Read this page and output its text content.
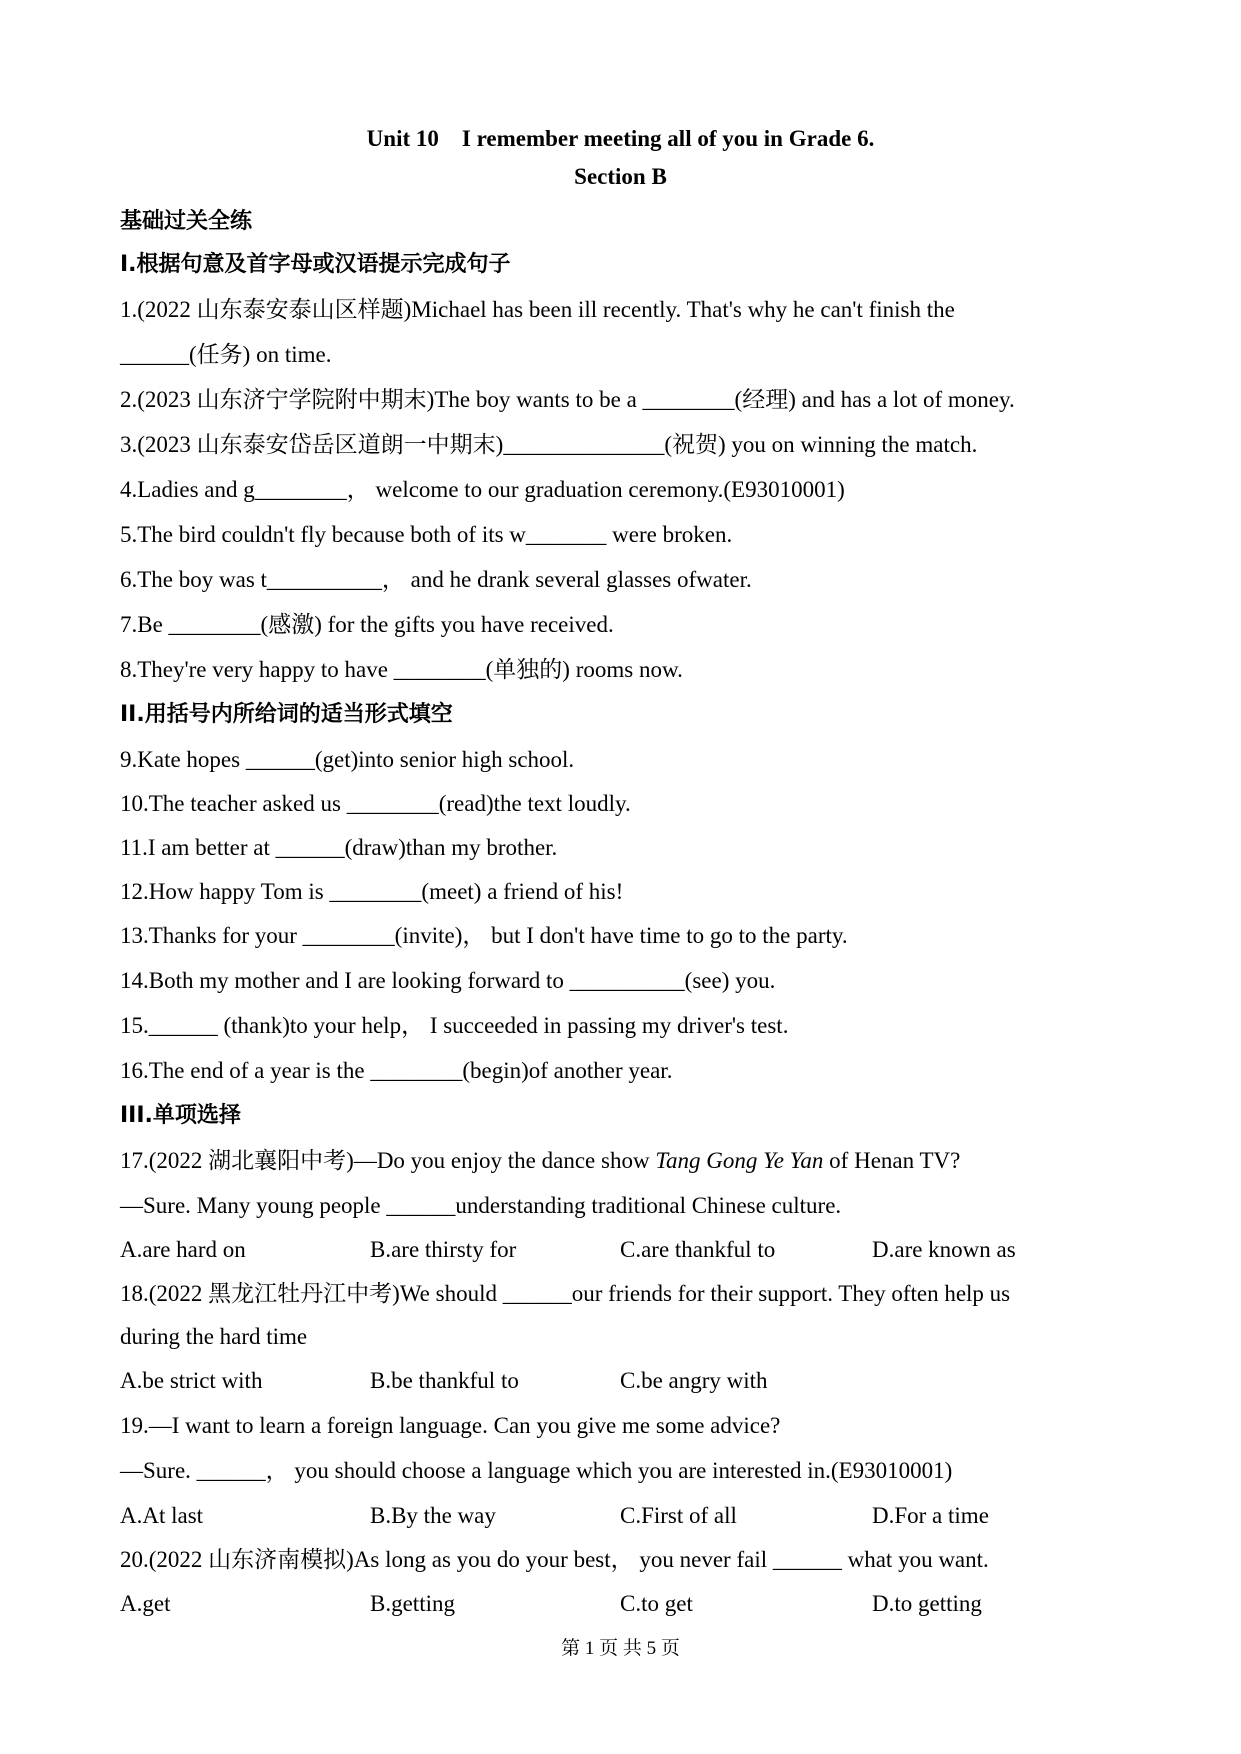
Unit 10　I remember meeting all of you in Grade 6.
Section B
基础过关全练
I.根据句意及首字母或汉语提示完成句子
1.(2022 山东泰安泰山区样题)Michael has been ill recently. That's why he can't finish the
______(任务) on time.
2.(2023 山东济宁学院附中期末)The boy wants to be a ________(经理) and has a lot of money.
3.(2023 山东泰安岱岳区道朗一中期末)______________(祝贺) you on winning the match.
4.Ladies and g________， welcome to our graduation ceremony.(E93010001)
5.The bird couldn't fly because both of its w_______ were broken.
6.The boy was t__________， and he drank several glasses ofwater.
7.Be ________(感激) for the gifts you have received.
8.They're very happy to have ________(单独的) rooms now.
II.用括号内所给词的适当形式填空
9.Kate hopes ______(get)into senior high school.
10.The teacher asked us ________(read)the text loudly.
11.I am better at ______(draw)than my brother.
12.How happy Tom is ________(meet) a friend of his!
13.Thanks for your ________(invite)， but I don't have time to go to the party.
14.Both my mother and I are looking forward to __________(see) you.
15.______ (thank)to your help， I succeeded in passing my driver's test.
16.The end of a year is the ________(begin)of another year.
III.单项选择
17.(2022 湖北襄阳中考)—Do you enjoy the dance show Tang Gong Ye Yan of Henan TV?
—Sure. Many young people ______understanding traditional Chinese culture.
A.are hard on	B.are thirsty for	C.are thankful to	D.are known as
18.(2022 黑龙江牡丹江中考)We should ______our friends for their support. They often help us
during the hard time
A.be strict with	B.be thankful to	C.be angry with
19.—I want to learn a foreign language. Can you give me some advice?
—Sure. ______， you should choose a language which you are interested in.(E93010001)
A.At last	B.By the way	C.First of all	D.For a time
20.(2022 山东济南模拟)As long as you do your best， you never fail ______ what you want.
A.get	B.getting	C.to get	D.to getting
第 1 页 共 5 页
